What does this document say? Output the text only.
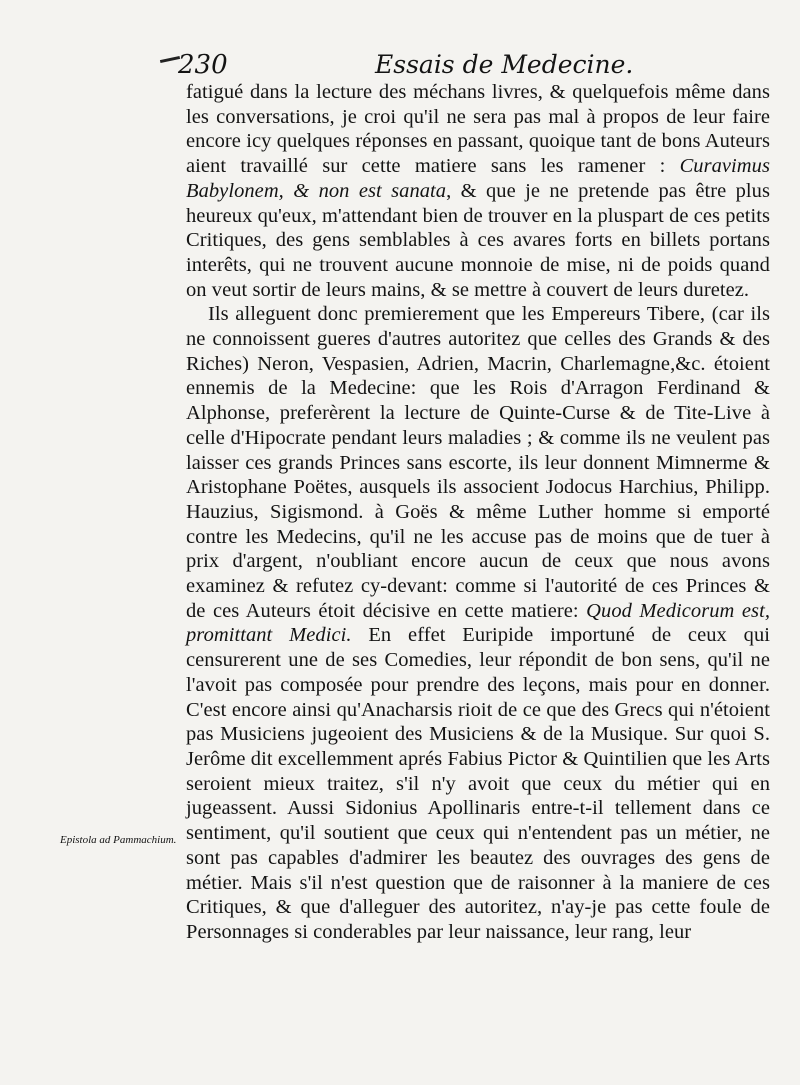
230	Essais de Medecine.

fatigué dans la lecture des méchans livres, & quelquefois même dans les conversations, je croi qu'il ne sera pas mal à propos de leur faire encore icy quelques réponses en passant, quoique tant de bons Auteurs aient travaillé sur cette matiere sans les ramener : Curavimus Babylonem, & non est sanata, & que je ne pretende pas être plus heureux qu'eux, m'attendant bien de trouver en la pluspart de ces petits Critiques, des gens semblables à ces avares forts en billets portans interêts, qui ne trouvent aucune monnoie de mise, ni de poids quand on veut sortir de leurs mains, & se mettre à couvert de leurs duretez.

Ils alleguent donc premierement que les Empereurs Tibere, (car ils ne connoissent gueres d'autres autoritez que celles des Grands & des Riches) Neron, Vespasien, Adrien, Macrin, Charlemagne,&c. étoient ennemis de la Medecine: que les Rois d'Arragon Ferdinand & Alphonse, preferèrent la lecture de Quinte-Curse & de Tite-Live à celle d'Hipocrate pendant leurs maladies ; & comme ils ne veulent pas laisser ces grands Princes sans escorte, ils leur donnent Mimnerme & Aristophane Poëtes, ausquels ils associent Jodocus Harchius, Philipp. Hauzius, Sigismond. à Goës & même Luther homme si emporté contre les Medecins, qu'il ne les accuse pas de moins que de tuer à prix d'argent, n'oubliant encore aucun de ceux que nous avons examinez & refutez cy-devant: comme si l'autorité de ces Princes & de ces Auteurs étoit décisive en cette matiere: Quod Medicorum est, promittant Medici. En effet Euripide importuné de ceux qui censurerent une de ses Comedies, leur répondit de bon sens, qu'il ne l'avoit pas composée pour prendre des leçons, mais pour en donner. C'est encore ainsi qu'Anacharsis rioit de ce que des Grecs qui n'étoient pas Musiciens jugeoient des Musiciens & de la Musique. Sur quoi S. Jerôme dit excellemment aprés Fabius Pictor & Quintilien que les Arts seroient mieux traitez, s'il n'y avoit que ceux du métier qui en jugeassent. Aussi Sidonius Apollinaris entre-t-il tellement dans ce sentiment, qu'il soutient que ceux qui n'entendent pas un métier, ne sont pas capables d'admirer les beautez des ouvrages des gens de métier. Mais s'il n'est question que de raisonner à la maniere de ces Critiques, & que d'alleguer des autoritez, n'ay-je pas cette foule de Personnages si conderables par leur naissance, leur rang, leur

Epistola ad Pammachium.
